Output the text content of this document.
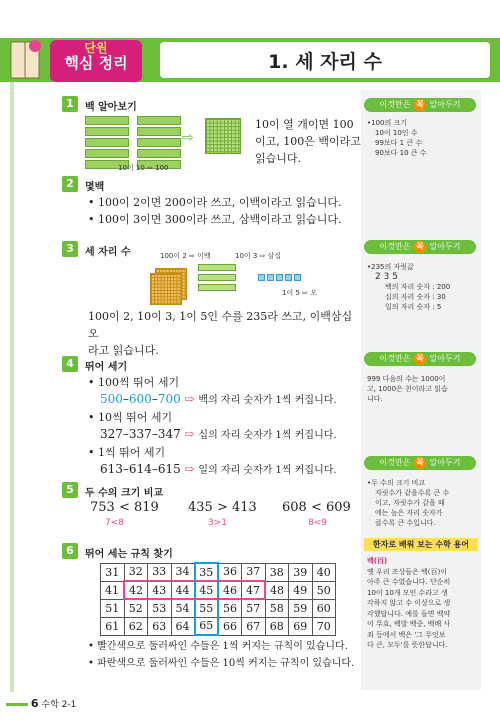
단원
핵심 정리	1. 세 자리 수
1	백 알아보기
10이 10 ⇨ 100
⇨
10이 열 개이면 100
이고, 100은 백이라고
읽습니다.
2	몇백
• 100이 2이면 200이라 쓰고, 이백이라고 읽습니다.
• 100이 3이면 300이라 쓰고, 삼백이라고 읽습니다.
3	세 자리 수	100이 2 ⇨ 이백	10이 3 ⇨ 삼십
1이 5 ⇨ 오
100이 2, 10이 3, 1이 5인 수를 235라 쓰고, 이백삼십오
라고 읽습니다.
4	뛰어 세기
• 100씩 뛰어 세기
500–600–700 ⇨ 백의 자리 숫자가 1씩 커집니다.
• 10씩 뛰어 세기
327–337–347 ⇨ 십의 자리 숫자가 1씩 커집니다.
• 1씩 뛰어 세기
613–614–615 ⇨ 일의 자리 숫자가 1씩 커집니다.
5	두 수의 크기 비교
753 < 819
7<8
435 > 413
3>1
608 < 609
8<9
6	뛰어 세는 규칙 찾기
31	32	33	34	35	36	37	38	39	40
41	42	43	44	45	46	47	48	49	50
51	52	53	54	55	56	57	58	59	60
61	62	63	64	65	66	67	68	69	70
• 빨간색으로 둘러싸인 수들은 1씩 커지는 규칙이 있습니다.
• 파란색으로 둘러싸인 수들은 10씩 커지는 규칙이 있습니다.
이것만은 꼭 알아두기
•100의 크기
10이 10인 수
99보다 1 큰 수
90보다 10 큰 수
이것만은 꼭 알아두기
•235의 자릿값
2 3 5
백의 자리 숫자 : 200
십의 자리 숫자 : 30
일의 자리 숫자 : 5
이것만은 꼭 알아두기
999 다음의 수는 1000이
고, 1000은 천이라고 읽습
니다.
이것만은 꼭 알아두기
•두 수의 크기 비교
자릿수가 같을수록 큰 수
이고, 자릿수가 같을 때
에는 높은 자리 숫자가
클수록 큰 수입니다.
한자로 배워 보는 수학 용어
백(百)
옛 우리 조상들은 백(百)이
아주 큰 수였습니다. 단순히
10이 10개 모인 수라고 생
각하지 않고 수 이상으로 생
각했답니다. 예를 들면 백약
이 무효, 백발 백중, 백배 사
죄 등에서 백은 '그 무엇보
다 큰, 모두'를 뜻한답니다.
6 수학 2-1
